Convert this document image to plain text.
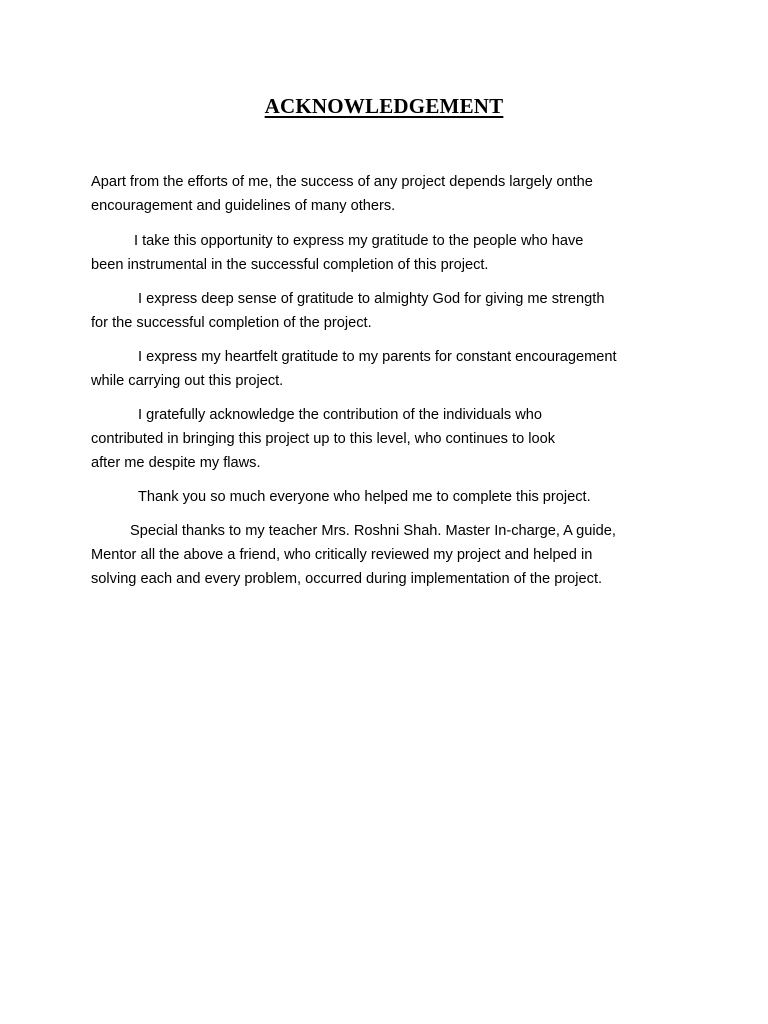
ACKNOWLEDGEMENT

Apart from the efforts of me, the success of any project depends largely onthe

encouragement and guidelines of many others.

I take this opportunity to express my gratitude to the people who have

been instrumental in the successful completion of this project.

I express deep sense of gratitude to almighty God for giving me strength

for the successful completion of the project.

I express my heartfelt gratitude to my parents for constant encouragement

while carrying out this project.

I gratefully acknowledge the contribution of the individuals who

contributed in bringing this project up to this level, who continues to look

after me despite my flaws.

Thank you so much everyone who helped me to complete this project.

Special thanks to my teacher Mrs. Roshni Shah. Master In-charge, A guide,

Mentor all the above a friend, who critically reviewed my project and helped in

solving each and every problem, occurred during implementation of the project.
